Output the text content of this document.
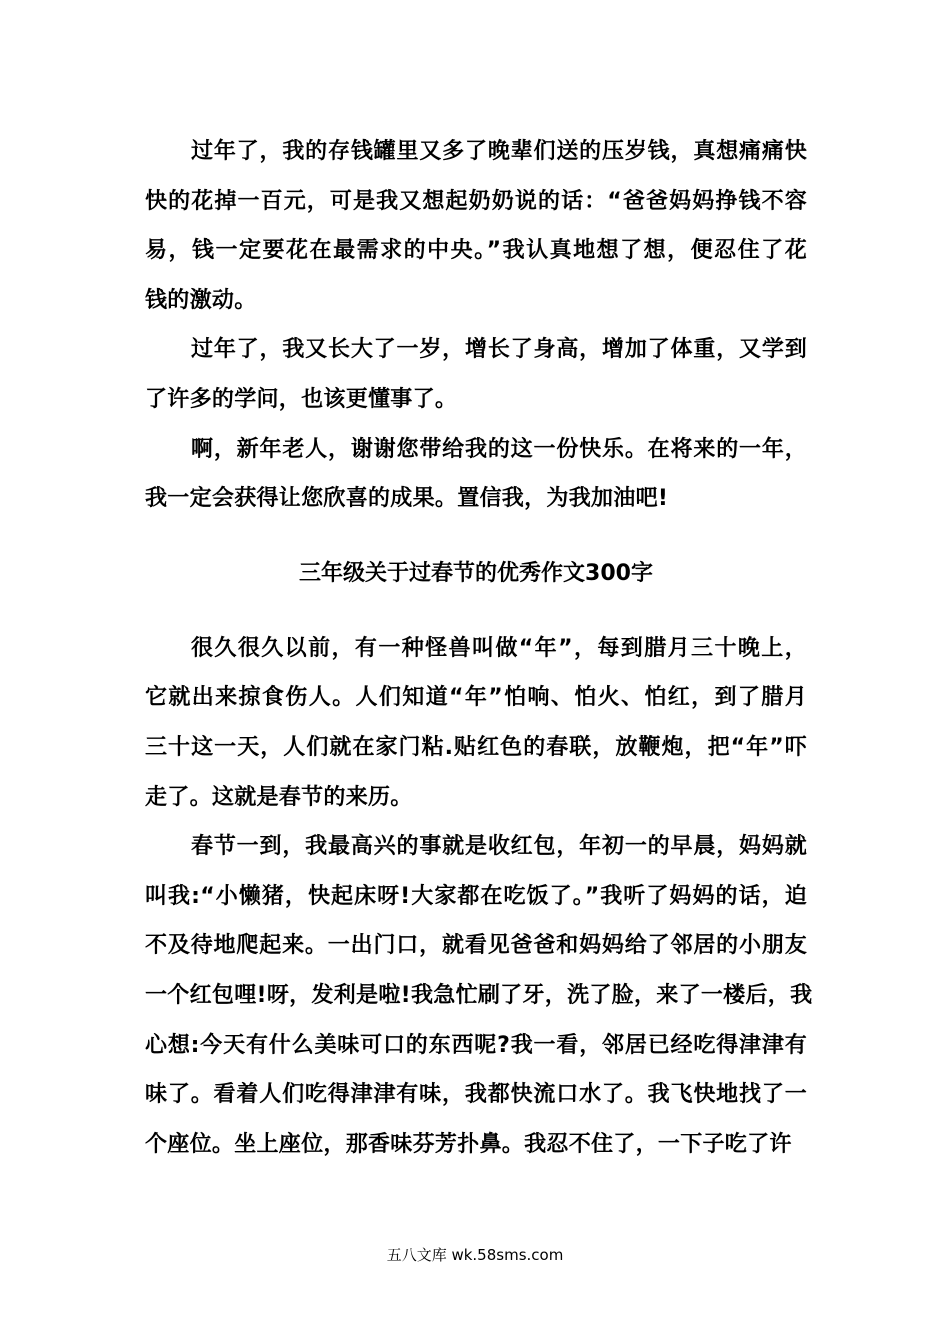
过年了，我的存钱罐里又多了晚辈们送的压岁钱，真想痛痛快
快的花掉一百元，可是我又想起奶奶说的话：“爸爸妈妈挣钱不容
易，钱一定要花在最需求的中央。”我认真地想了想，便忍住了花
钱的激动。

过年了，我又长大了一岁，增长了身高，增加了体重，又学到
了许多的学问，也该更懂事了。

啊，新年老人，谢谢您带给我的这一份快乐。在将来的一年，
我一定会获得让您欣喜的成果。置信我，为我加油吧!

三年级关于过春节的优秀作文300字

很久很久以前，有一种怪兽叫做“年”，每到腊月三十晚上，
它就出来掠食伤人。人们知道“年”怕响、怕火、怕红，到了腊月
三十这一天，人们就在家门粘.贴红色的春联，放鞭炮，把“年”吓
走了。这就是春节的来历。

春节一到，我最高兴的事就是收红包，年初一的早晨，妈妈就
叫我:“小懒猪，快起床呀!大家都在吃饭了。”我听了妈妈的话，迫
不及待地爬起来。一出门口，就看见爸爸和妈妈给了邻居的小朋友
一个红包哩!呀，发利是啦!我急忙刷了牙，洗了脸，来了一楼后，我
心想:今天有什么美味可口的东西呢?我一看，邻居已经吃得津津有
味了。看着人们吃得津津有味，我都快流口水了。我飞快地找了一
个座位。坐上座位，那香味芬芳扑鼻。我忍不住了，一下子吃了许

五八文库 wk.58sms.com
